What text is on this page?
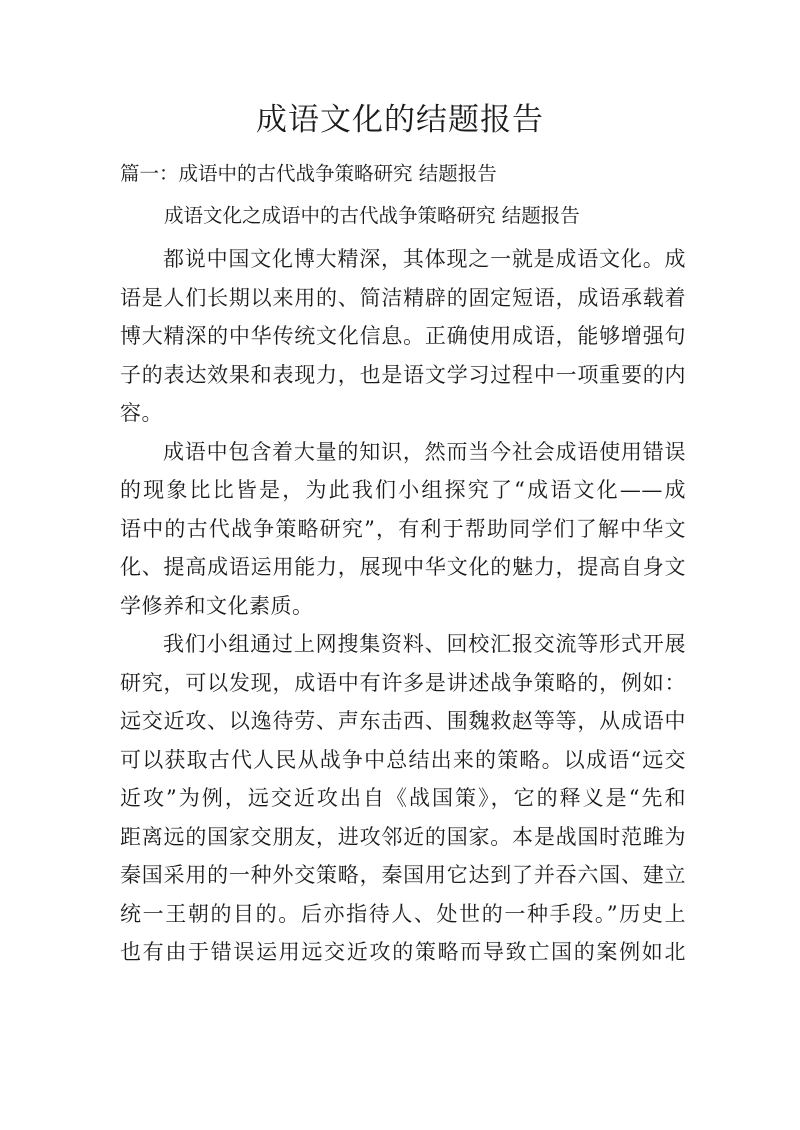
成语文化的结题报告

篇一：成语中的古代战争策略研究 结题报告

成语文化之成语中的古代战争策略研究 结题报告

都说中国文化博大精深，其体现之一就是成语文化。成
语是人们长期以来用的、简洁精辟的固定短语，成语承载着
博大精深的中华传统文化信息。正确使用成语，能够增强句
子的表达效果和表现力，也是语文学习过程中一项重要的内
容。

成语中包含着大量的知识，然而当今社会成语使用错误
的现象比比皆是，为此我们小组探究了“成语文化——成
语中的古代战争策略研究”，有利于帮助同学们了解中华文
化、提高成语运用能力，展现中华文化的魅力，提高自身文
学修养和文化素质。

我们小组通过上网搜集资料、回校汇报交流等形式开展
研究，可以发现，成语中有许多是讲述战争策略的，例如：
远交近攻、以逸待劳、声东击西、围魏救赵等等，从成语中
可以获取古代人民从战争中总结出来的策略。以成语“远交
近攻”为例，远交近攻出自《战国策》，它的释义是“先和
距离远的国家交朋友，进攻邻近的国家。本是战国时范雎为
秦国采用的一种外交策略，秦国用它达到了并吞六国、建立
统一王朝的目的。后亦指待人、处世的一种手段。”历史上
也有由于错误运用远交近攻的策略而导致亡国的案例如北
